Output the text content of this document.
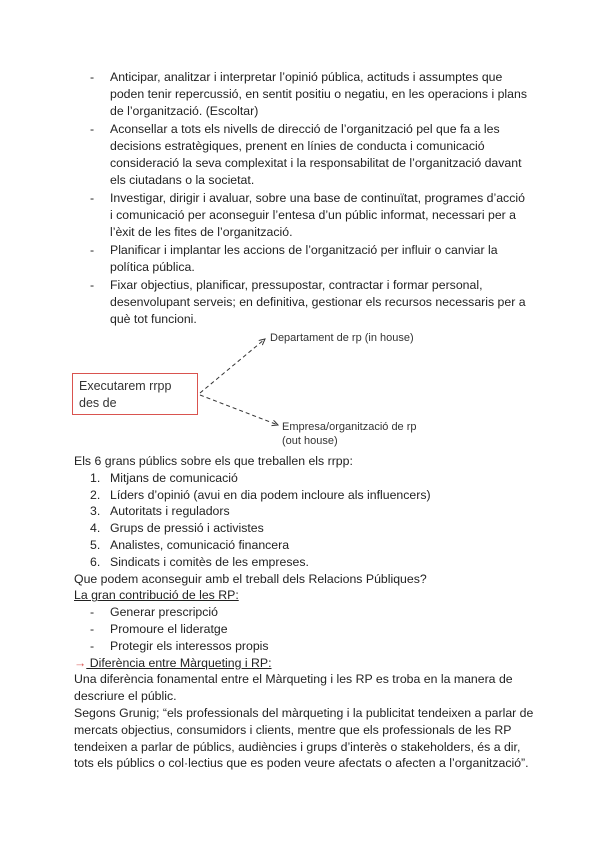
- Anticipar, analitzar i interpretar l’opinió pública, actituds i assumptes que poden tenir repercussió, en sentit positiu o negatiu, en les operacions i plans de l’organització. (Escoltar)
- Aconsellar a tots els nivells de direcció de l’organització pel que fa a les decisions estratègiques, prenent en línies de conducta i comunicació consideració la seva complexitat i la responsabilitat de l’organització davant els ciutadans o la societat.
- Investigar, dirigir i avaluar, sobre una base de continuïtat, programes d’acció i comunicació per aconseguir l’entesa d’un públic informat, necessari per a l’èxit de les fites de l’organització.
- Planificar i implantar les accions de l’organització per influir o canviar la política pública.
- Fixar objectius, planificar, pressupostar, contractar i formar personal, desenvolupant serveis; en definitiva, gestionar els recursos necessaris per a què tot funcioni.
Executarem rrpp des de
Departament de rp (in house)
Empresa/organització de rp
(out house)

Els 6 grans públics sobre els que treballen els rrpp:

1. Mitjans de comunicació
2. Líders d’opinió (avui en dia podem incloure als influencers)
3. Autoritats i reguladors
4. Grups de pressió i activistes
5. Analistes, comunicació financera
6. Sindicats i comitès de les empreses.

Que podem aconseguir amb el treball dels Relacions Públiques?

La gran contribució de les RP:

- Generar prescripció
- Promoure el lideratge
- Protegir els interessos propis

→ Diferència entre Màrqueting i RP:

Una diferència fonamental entre el Màrqueting i les RP es troba en la manera de descriure el públic.

Segons Grunig; “els professionals del màrqueting i la publicitat tendeixen a parlar de mercats objectius, consumidors i clients, mentre que els professionals de les RP tendeixen a parlar de públics, audiències i grups d’interès o stakeholders, és a dir, tots els públics o col·lectius que es poden veure afectats o afecten a l’organització”.
